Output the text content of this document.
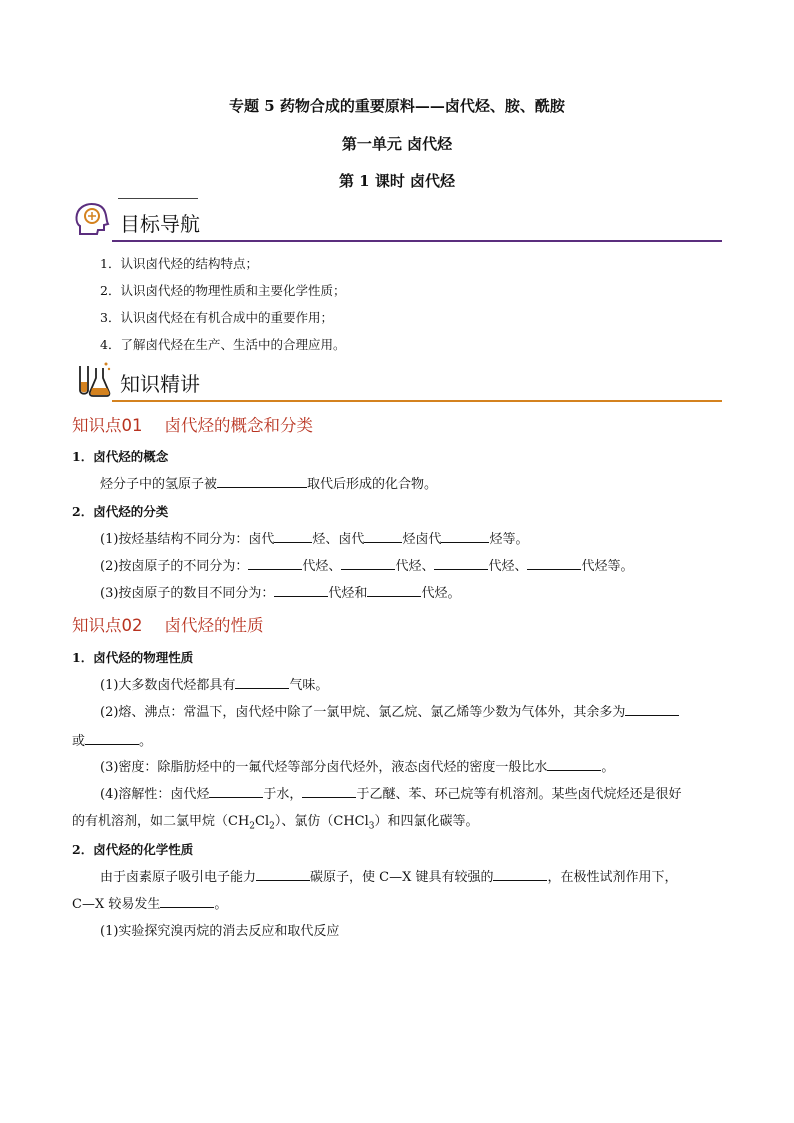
专题 5 药物合成的重要原料——卤代烃、胺、酰胺
第一单元 卤代烃
第 1 课时 卤代烃
目标导航
1．认识卤代烃的结构特点；
2．认识卤代烃的物理性质和主要化学性质；
3．认识卤代烃在有机合成中的重要作用；
4．了解卤代烃在生产、生活中的合理应用。
知识精讲
知识点01 卤代烃的概念和分类
1．卤代烃的概念
烃分子中的氢原子被	取代后形成的化合物。
2．卤代烃的分类
(1)按烃基结构不同分为：卤代	烃、卤代	烃卤代	烃等。
(2)按卤原子的不同分为：	代烃、	代烃、	代烃、	代烃等。
(3)按卤原子的数目不同分为：	代烃和	代烃。
知识点02 卤代烃的性质
1．卤代烃的物理性质
(1)大多数卤代烃都具有	气味。
(2)熔、沸点：常温下，卤代烃中除了一氯甲烷、氯乙烷、氯乙烯等少数为气体外，其余多为
或	。
(3)密度：除脂肪烃中的一氟代烃等部分卤代烃外，液态卤代烃的密度一般比水	。
(4)溶解性：卤代烃	于水，	于乙醚、苯、环己烷等有机溶剂。某些卤代烷烃还是很好
的有机溶剂，如二氯甲烷$(CH_2Cl_2)$、氯仿（CHCl$_3$）和四氯化碳等。
2．卤代烃的化学性质
由于卤素原子吸引电子能力	碳原子，使 C—X 键具有较强的	，在极性试剂作用下，
C—X 较易发生	。
(1)实验探究溴丙烷的消去反应和取代反应
